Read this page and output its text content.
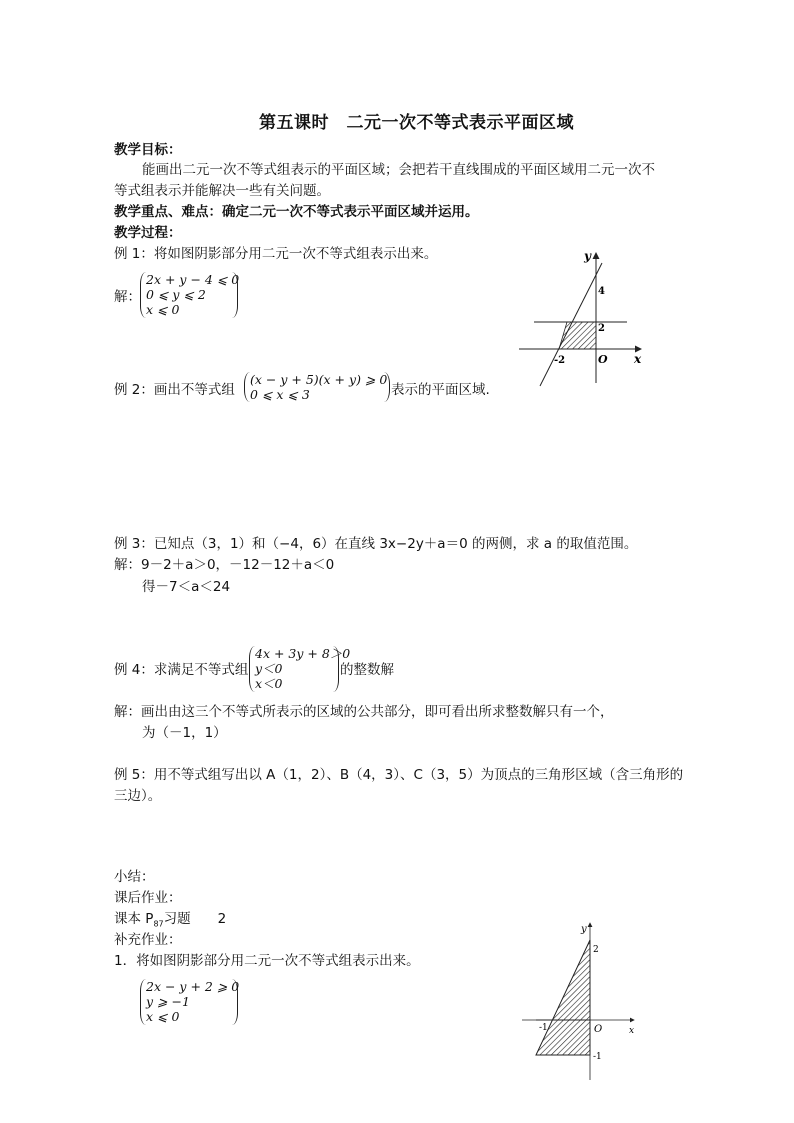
第五课时　二元一次不等式表示平面区域
教学目标：
能画出二元一次不等式组表示的平面区域；会把若干直线围成的平面区域用二元一次不
等式组表示并能解决一些有关问题。
教学重点、难点：确定二元一次不等式表示平面区域并运用。
教学过程：
例 1：将如图阴影部分用二元一次不等式组表示出来。
解：
2x + y − 4 ⩽ 0
0 ⩽ y ⩽ 2
x ⩽ 0
y
x
O
4
2
-2
例 2：画出不等式组
(x − y + 5)(x + y) ⩾ 0
0 ⩽ x ⩽ 3	表示的平面区域.
例 3：已知点（3，1）和（−4，6）在直线 3x−2y＋a＝0 的两侧，求 a 的取值范围。
解：9－2＋a＞0，－12－12＋a＜0
得－7＜a＜24
例 4：求满足不等式组
4x + 3y + 8＞0
y＜0
x＜0
的整数解
解：画出由这三个不等式所表示的区域的公共部分，即可看出所求整数解只有一个，
为（－1，1）
例 5：用不等式组写出以 A（1，2）、B（4，3）、C（3，5）为顶点的三角形区域（含三角形的
三边）。
小结：
课后作业：
课本 $P_{87}$习题　　2
补充作业：
1．将如图阴影部分用二元一次不等式组表示出来。
2x − y + 2 ⩾ 0
y ⩾ −1
x ⩽ 0
y
x
O
2
-1
-1
